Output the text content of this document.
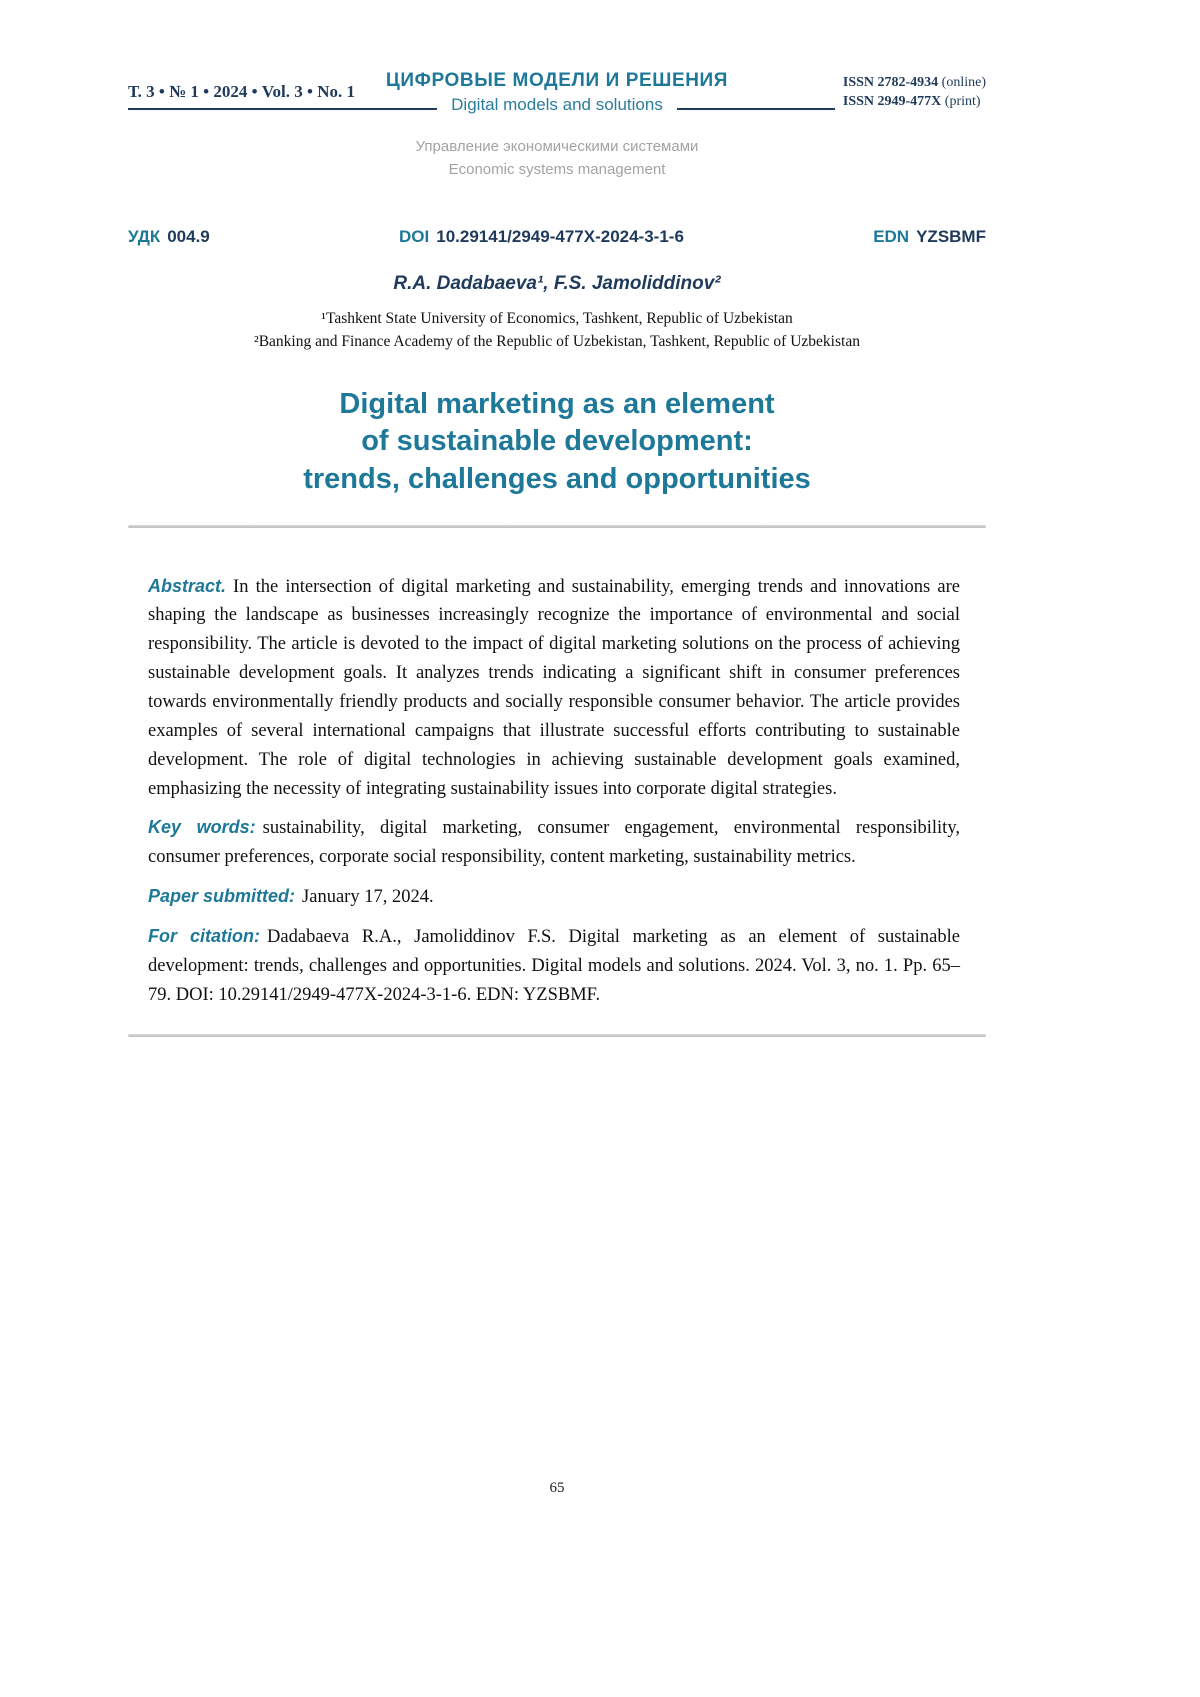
Т. 3 • № 1 • 2024 • Vol. 3 • No. 1
ЦИФРОВЫЕ МОДЕЛИ И РЕШЕНИЯ
Digital models and solutions
ISSN 2782-4934 (online)
ISSN 2949-477X (print)
Управление экономическими системами
Economic systems management
УДК 004.9	DOI 10.29141/2949-477X-2024-3-1-6	EDN YZSBMF
R.A. Dadabaeva¹, F.S. Jamoliddinov²
¹Tashkent State University of Economics, Tashkent, Republic of Uzbekistan
²Banking and Finance Academy of the Republic of Uzbekistan, Tashkent, Republic of Uzbekistan
Digital marketing as an element
of sustainable development:
trends, challenges and opportunities

Abstract. In the intersection of digital marketing and sustainability, emerging trends and innovations are shaping the landscape as businesses increasingly recognize the importance of environmental and social responsibility. The article is devoted to the impact of digital marketing solutions on the process of achieving sustainable development goals. It analyzes trends indicating a significant shift in consumer preferences towards environmentally friendly products and socially responsible consumer behavior. The article provides examples of several international campaigns that illustrate successful efforts contributing to sustainable development. The role of digital technologies in achieving sustainable development goals examined, emphasizing the necessity of integrating sustainability issues into corporate digital strategies.

Key words: sustainability, digital marketing, consumer engagement, environmental responsibility, consumer preferences, corporate social responsibility, content marketing, sustainability metrics.

Paper submitted: January 17, 2024.

For citation: Dadabaeva R.A., Jamoliddinov F.S. Digital marketing as an element of sustainable development: trends, challenges and opportunities. Digital models and solutions. 2024. Vol. 3, no. 1. Pp. 65–79. DOI: 10.29141/2949-477X-2024-3-1-6. EDN: YZSBMF.

65
